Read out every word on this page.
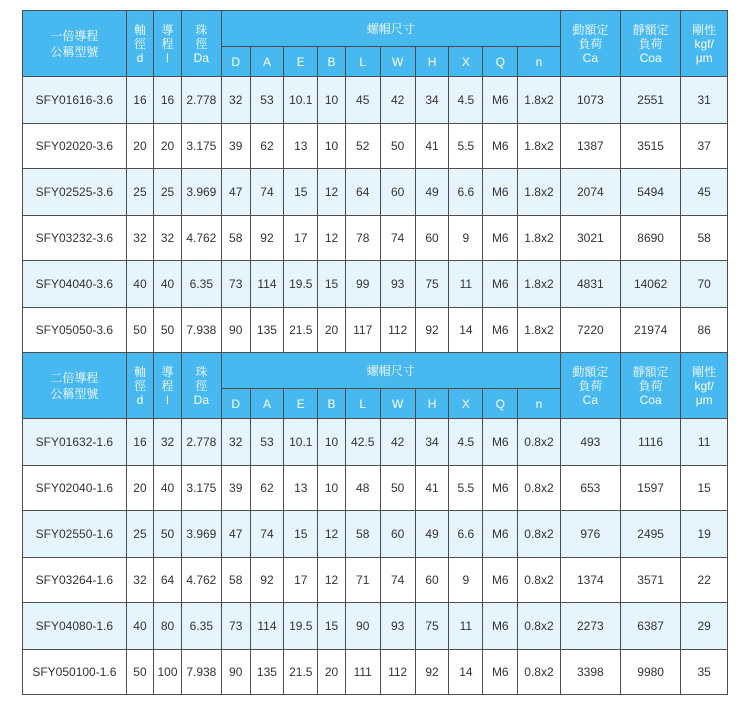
一倍導程
公稱型號	軸
徑
d	導
程
l	珠
徑
Da	螺帽尺寸										動額定
負荷
Ca	靜額定
負荷
Coa	剛性
kgf/
μm

				D	A	E	B	L	W	H	X	Q	n			
SFY01616-3.6	16	16	2.778	32	53	10.1	10	45	42	34	4.5	M6	1.8x2	1073	2551	31
SFY02020-3.6	20	20	3.175	39	62	13	10	52	50	41	5.5	M6	1.8x2	1387	3515	37
SFY02525-3.6	25	25	3.969	47	74	15	12	64	60	49	6.6	M6	1.8x2	2074	5494	45
SFY03232-3.6	32	32	4.762	58	92	17	12	78	74	60	9	M6	1.8x2	3021	8690	58
SFY04040-3.6	40	40	6.35	73	114	19.5	15	99	93	75	11	M6	1.8x2	4831	14062	70
SFY05050-3.6	50	50	7.938	90	135	21.5	20	117	112	92	14	M6	1.8x2	7220	21974	86

二倍導程
公稱型號	軸
徑
d	導
程
l	珠
徑
Da	螺帽尺寸										動額定
負荷
Ca	靜額定
負荷
Coa	剛性
kgf/
μm

				D	A	E	B	L	W	H	X	Q	n			
SFY01632-1.6	16	32	2.778	32	53	10.1	10	42.5	42	34	4.5	M6	0.8x2	493	1116	11
SFY02040-1.6	20	40	3.175	39	62	13	10	48	50	41	5.5	M6	0.8x2	653	1597	15
SFY02550-1.6	25	50	3.969	47	74	15	12	58	60	49	6.6	M6	0.8x2	976	2495	19
SFY03264-1.6	32	64	4.762	58	92	17	12	71	74	60	9	M6	0.8x2	1374	3571	22
SFY04080-1.6	40	80	6.35	73	114	19.5	15	90	93	75	11	M6	0.8x2	2273	6387	29
SFY050100-1.6	50	100	7.938	90	135	21.5	20	111	112	92	14	M6	0.8x2	3398	9980	35
